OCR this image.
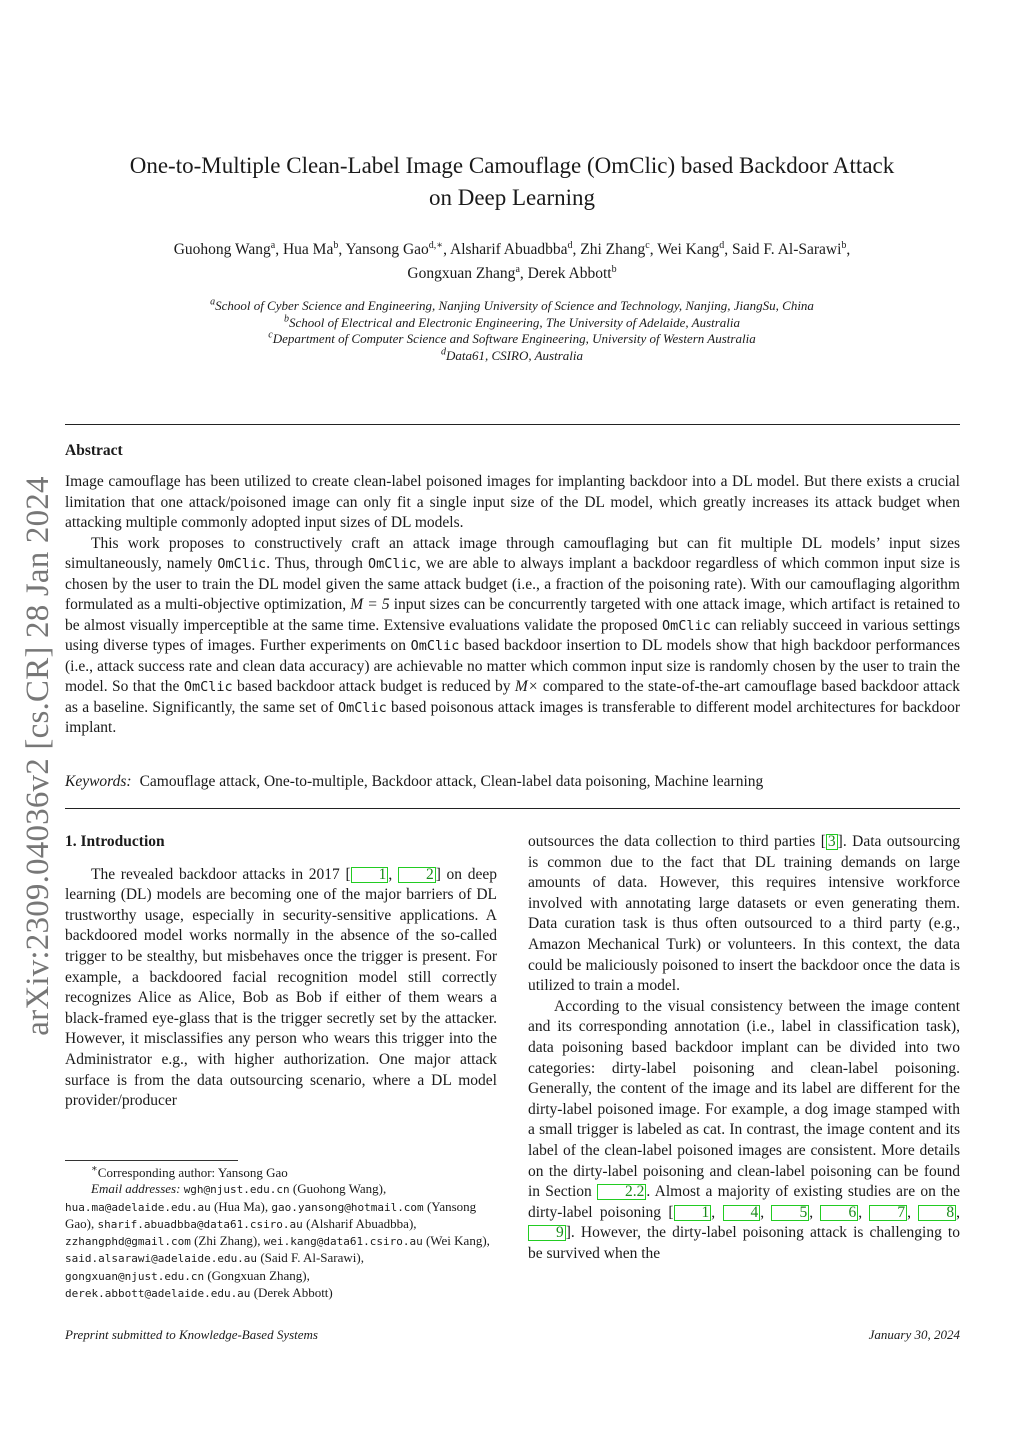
One-to-Multiple Clean-Label Image Camouflage (OmClic) based Backdoor Attack
on Deep Learning
Guohong Wang$^a$, Hua Ma$^b$, Yansong Gao$^{d,∗}$, Alsharif Abuadbba$^d$, Zhi Zhang$^c$, Wei Kang$^d$, Said F. Al-Sarawi$^b$,
Gongxuan Zhang$^a$, Derek Abbott$^b$
$^a$School of Cyber Science and Engineering, Nanjing University of Science and Technology, Nanjing, JiangSu, China
$^b$School of Electrical and Electronic Engineering, The University of Adelaide, Australia
$^c$Department of Computer Science and Software Engineering, University of Western Australia
$^d$Data61, CSIRO, Australia
arXiv:2309.04036v2 [cs.CR] 28 Jan 2024
Abstract

Image camouflage has been utilized to create clean-label poisoned images for implanting backdoor into a DL model. But there exists a crucial limitation that one attack/poisoned image can only fit a single input size of the DL model, which greatly increases its attack budget when attacking multiple commonly adopted input sizes of DL models.

This work proposes to constructively craft an attack image through camouflaging but can fit multiple DL models’ input sizes simultaneously, namely OmClic. Thus, through OmClic, we are able to always implant a backdoor regardless of which common input size is chosen by the user to train the DL model given the same attack budget (i.e., a fraction of the poisoning rate). With our camouflaging algorithm formulated as a multi-objective optimization, M = 5 input sizes can be concurrently targeted with one attack image, which artifact is retained to be almost visually imperceptible at the same time. Extensive evaluations validate the proposed OmClic can reliably succeed in various settings using diverse types of images. Further experiments on OmClic based backdoor insertion to DL models show that high backdoor performances (i.e., attack success rate and clean data accuracy) are achievable no matter which common input size is randomly chosen by the user to train the model. So that the OmClic based backdoor attack budget is reduced by M× compared to the state-of-the-art camouflage based backdoor attack as a baseline. Significantly, the same set of OmClic based poisonous attack images is transferable to different model architectures for backdoor implant.

Keywords: Camouflage attack, One-to-multiple, Backdoor attack, Clean-label data poisoning, Machine learning

1. Introduction

The revealed backdoor attacks in 2017 [ 1 , 2 ] on deep learning (DL) models are becoming one of the major barriers of DL trustworthy usage, especially in security-sensitive applications. A backdoored model works normally in the absence of the so-called trigger to be stealthy, but misbehaves once the trigger is present. For example, a backdoored facial recognition model still correctly recognizes Alice as Alice, Bob as Bob if either of them wears a black-framed eye-glass that is the trigger secretly set by the attacker. However, it misclassifies any person who wears this trigger into the Administrator e.g., with higher authorization. One major attack surface is from the data outsourcing scenario, where a DL model provider/producer

outsources the data collection to third parties [ 3 ]. Data outsourcing is common due to the fact that DL training demands on large amounts of data. However, this requires intensive workforce involved with annotating large datasets or even generating them. Data curation task is thus often outsourced to a third party (e.g., Amazon Mechanical Turk) or volunteers. In this context, the data could be maliciously poisoned to insert the backdoor once the data is utilized to train a model.

According to the visual consistency between the image content and its corresponding annotation (i.e., label in classification task), data poisoning based backdoor implant can be divided into two categories: dirty-label poisoning and clean-label poisoning. Generally, the content of the image and its label are different for the dirty-label poisoned image. For example, a dog image stamped with a small trigger is labeled as cat. In contrast, the image content and its label of the clean-label poisoned images are consistent. More details on the dirty-label poisoning and clean-label poisoning can be found in Section 2.2 . Almost a majority of existing studies are on the dirty-label poisoning [ 1 , 4 , 5 , 6 , 7 , 8 , 9 ]. However, the dirty-label poisoning attack is challenging to be survived when the

∗Corresponding author: Yansong Gao
Email addresses: wgh@njust.edu.cn (Guohong Wang), hua.ma@adelaide.edu.au (Hua Ma), gao.yansong@hotmail.com (Yansong Gao), sharif.abuadbba@data61.csiro.au (Alsharif Abuadbba), zzhangphd@gmail.com (Zhi Zhang), wei.kang@data61.csiro.au (Wei Kang), said.alsarawi@adelaide.edu.au (Said F. Al-Sarawi), gongxuan@njust.edu.cn (Gongxuan Zhang), derek.abbott@adelaide.edu.au (Derek Abbott)
Preprint submitted to Knowledge-Based Systems	January 30, 2024
